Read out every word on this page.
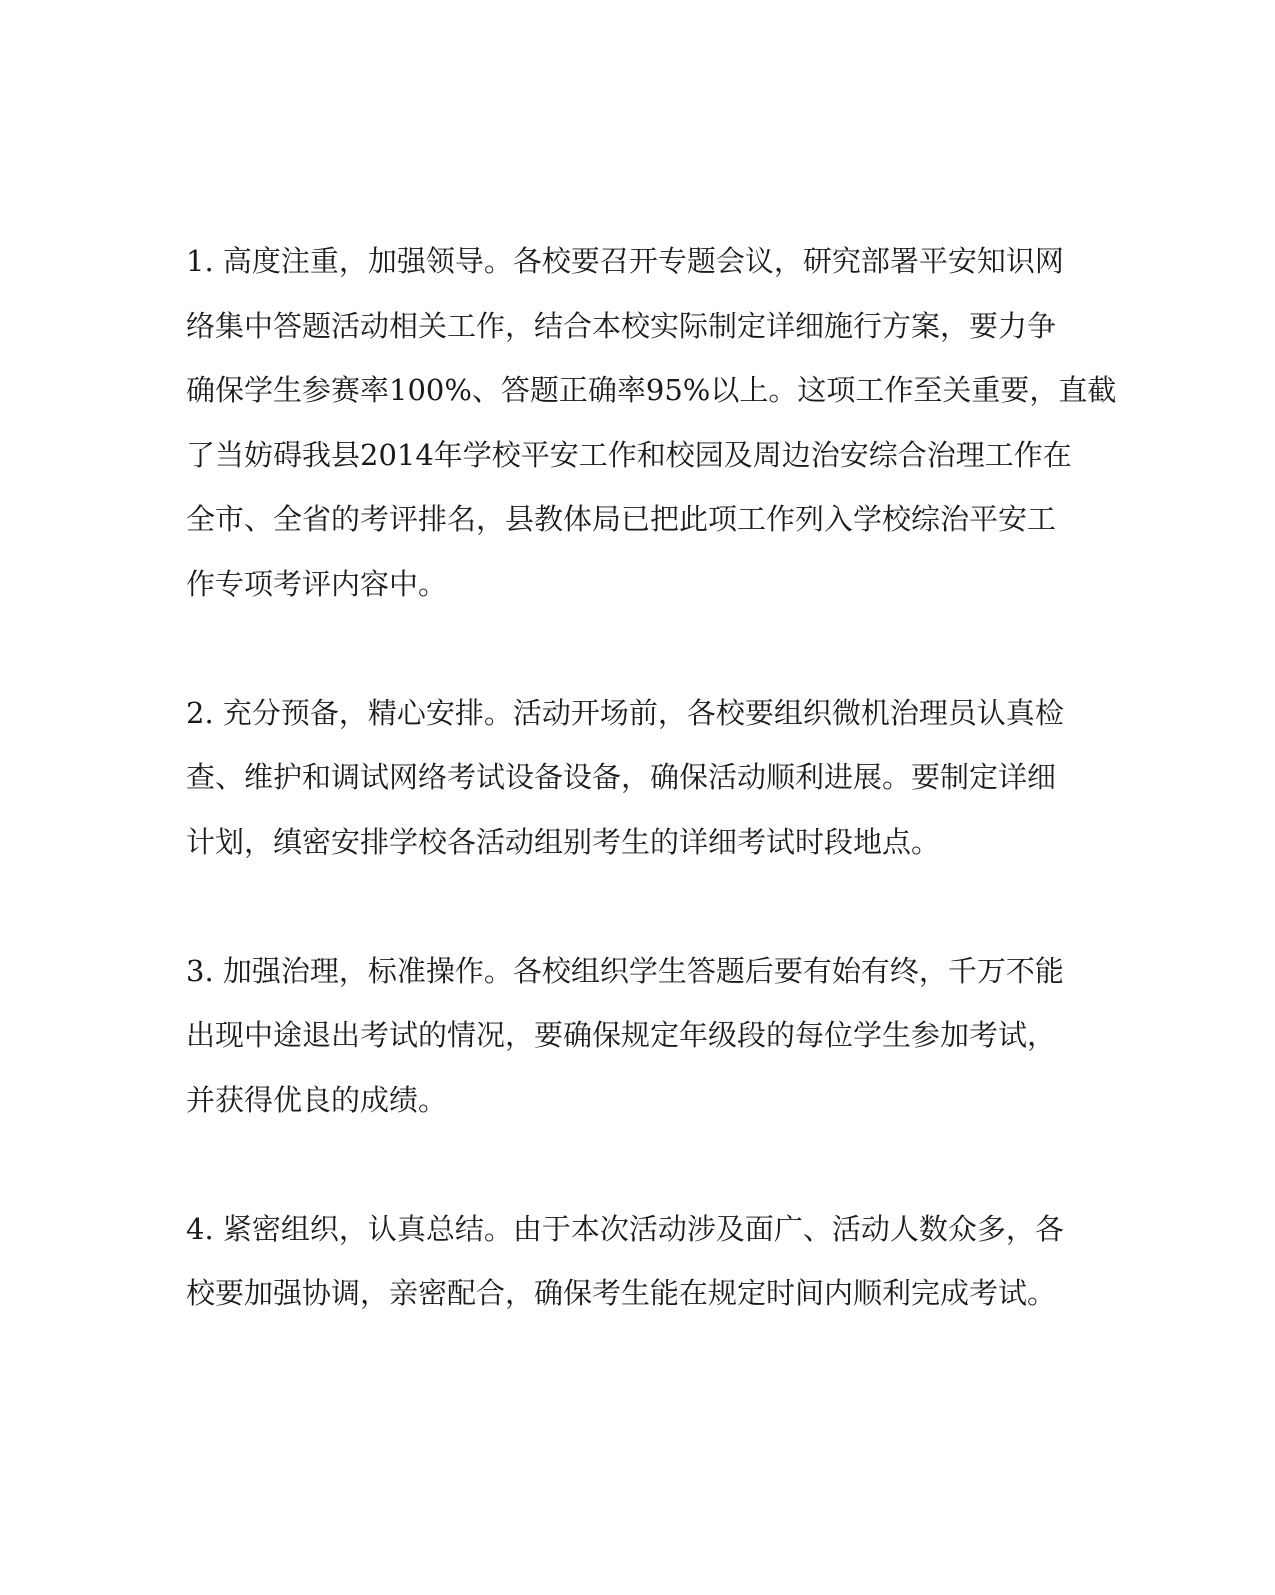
1. 高度注重，加强领导。各校要召开专题会议，研究部署平安知识网
络集中答题活动相关工作，结合本校实际制定详细施行方案，要力争
确保学生参赛率100%、答题正确率95%以上。这项工作至关重要，直截
了当妨碍我县2014年学校平安工作和校园及周边治安综合治理工作在
全市、全省的考评排名，县教体局已把此项工作列入学校综治平安工
作专项考评内容中。
2. 充分预备，精心安排。活动开场前，各校要组织微机治理员认真检
查、维护和调试网络考试设备设备，确保活动顺利进展。要制定详细
计划，缜密安排学校各活动组别考生的详细考试时段地点。
3. 加强治理，标准操作。各校组织学生答题后要有始有终，千万不能
出现中途退出考试的情况，要确保规定年级段的每位学生参加考试，
并获得优良的成绩。
4. 紧密组织，认真总结。由于本次活动涉及面广、活动人数众多，各
校要加强协调，亲密配合，确保考生能在规定时间内顺利完成考试。
